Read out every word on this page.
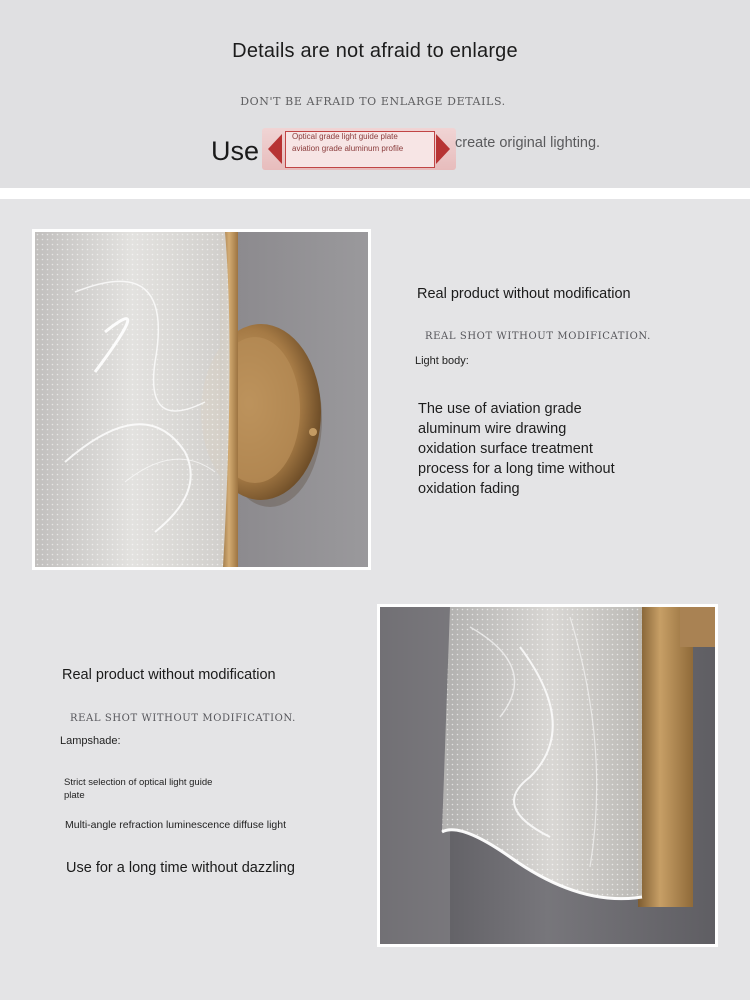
Details are not afraid to enlarge
DON'T BE AFRAID TO ENLARGE DETAILS.
Use	Optical grade light guide plate
aviation grade aluminum profile	create original lighting.
Real product without modification
REAL SHOT WITHOUT MODIFICATION.
Light body:
The use of aviation grade
aluminum wire drawing
oxidation surface treatment
process for a long time without
oxidation fading
Real product without modification
REAL SHOT WITHOUT MODIFICATION.
Lampshade:
Strict selection of optical light guide
plate
Multi-angle refraction luminescence diffuse light
Use for a long time without dazzling
